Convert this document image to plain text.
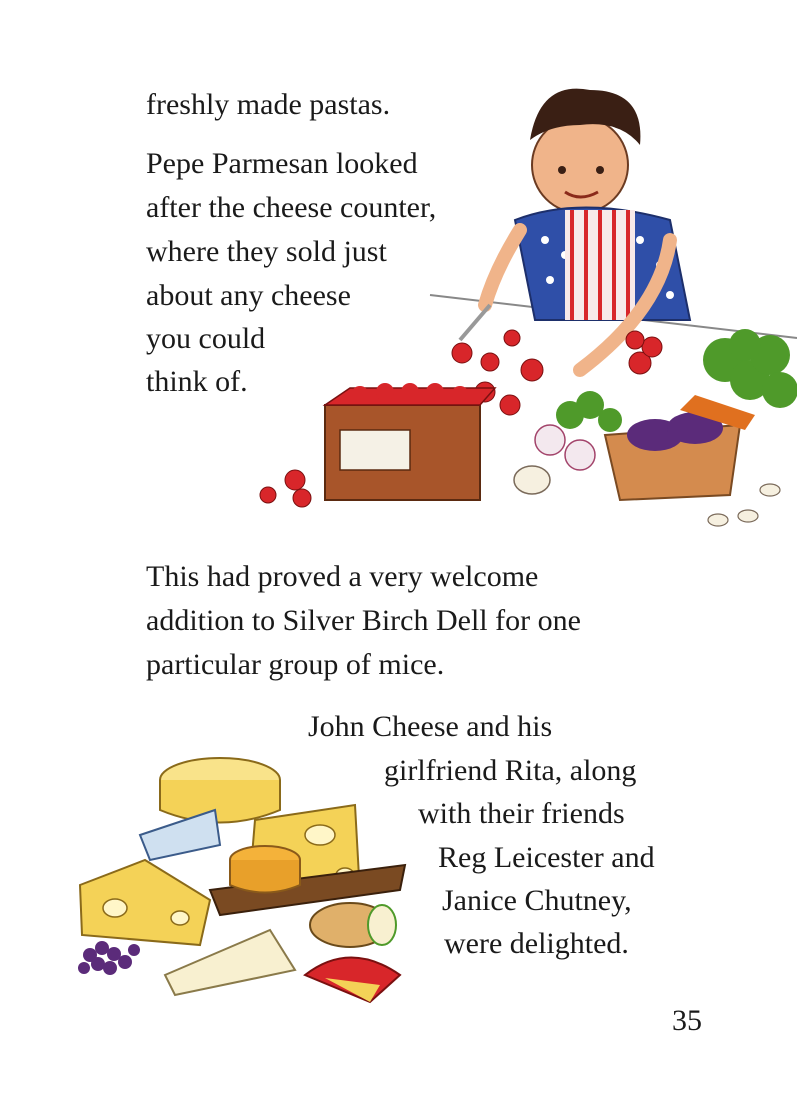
freshly made pastas.

Pepe Parmesan looked

after the cheese counter,

where they sold just

about any cheese

you could

think of.

This had proved a very welcome

addition to Silver Birch Dell for one

particular group of mice.

John Cheese and his

girlfriend Rita, along

with their friends

Reg Leicester and

Janice Chutney,

were delighted.

35
